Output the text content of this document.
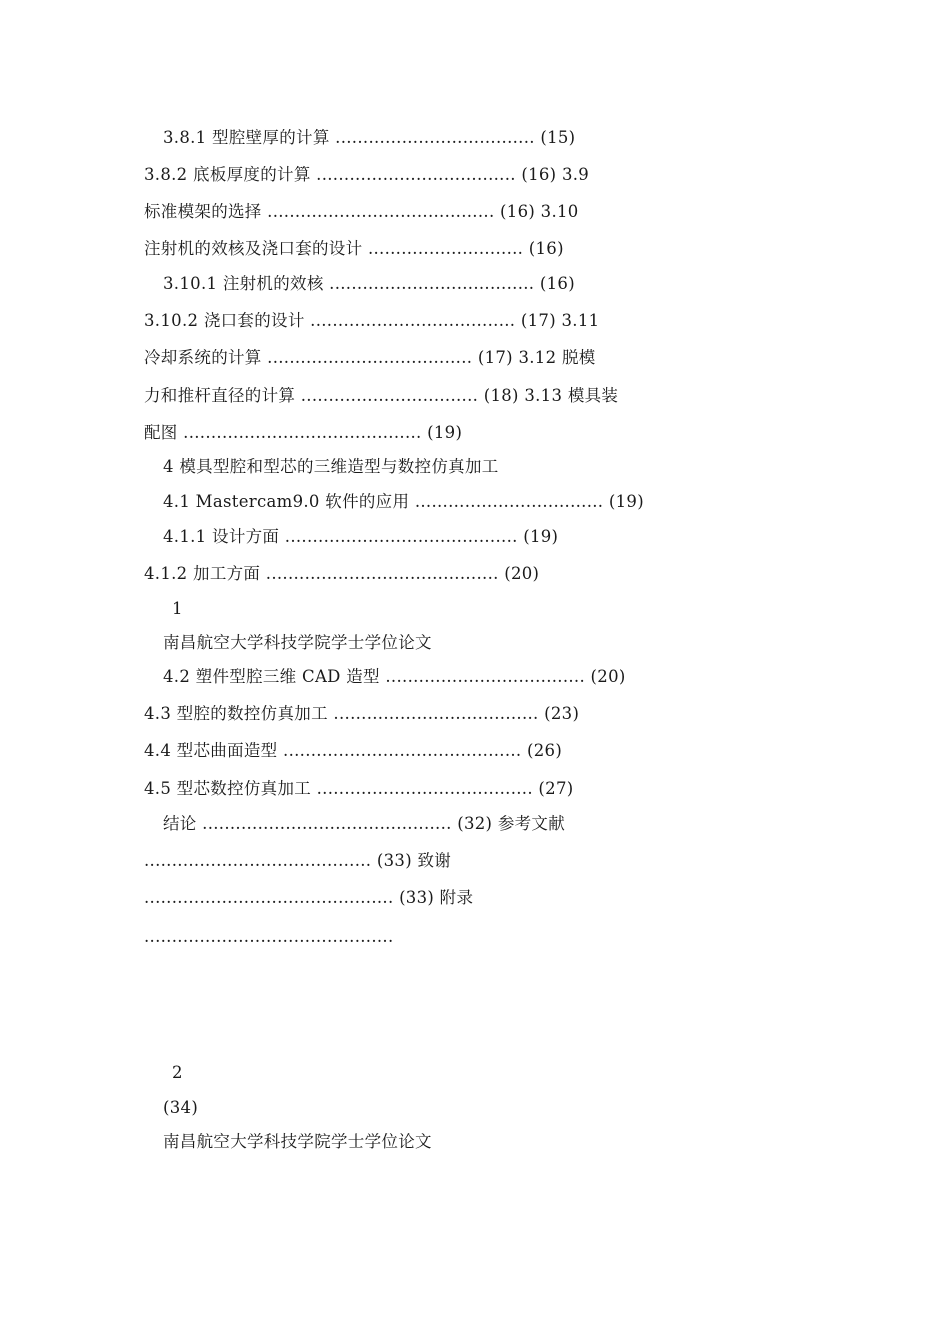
3.8.1 型腔壁厚的计算 .................................... (15)
3.8.2 底板厚度的计算 .................................... (16) 3.9
标准模架的选择 ......................................... (16) 3.10
注射机的效核及浇口套的设计 ............................ (16)
3.10.1 注射机的效核 ..................................... (16)
3.10.2 浇口套的设计 ..................................... (17) 3.11
冷却系统的计算 ..................................... (17) 3.12 脱模
力和推杆直径的计算 ................................ (18) 3.13 模具装
配图 ........................................... (19)
4 模具型腔和型芯的三维造型与数控仿真加工
4.1 Mastercam9.0 软件的应用 .................................. (19)
4.1.1 设计方面 .......................................... (19)
4.1.2 加工方面 .......................................... (20)
1
南昌航空大学科技学院学士学位论文
4.2 塑件型腔三维 CAD 造型 .................................... (20)
4.3 型腔的数控仿真加工 ..................................... (23)
4.4 型芯曲面造型 ........................................... (26)
4.5 型芯数控仿真加工 ....................................... (27)
结论 ............................................. (32) 参考文献
......................................... (33) 致谢
............................................. (33) 附录
.............................................
2
(34)
南昌航空大学科技学院学士学位论文
